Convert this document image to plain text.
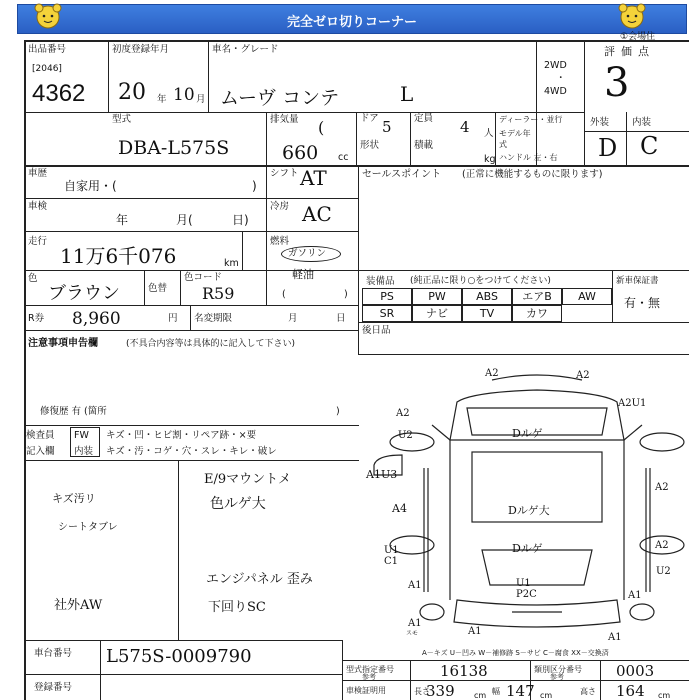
完全ゼロ切りコーナー
①会場住
出品番号
[2046]
4362
初度登録年月
20 年 10 月
車名・グレード
ムーヴ コンテ	L
2WD
・
4WD
評価点
3
型式
DBA-L575S
排気量 (
660 cc
ドア 5 定員 4 人
形状	積載
kg
ディーラー・並行
モデル年式
ハンドル 左・右
外装 内装
D C
車歴
自家用・(	)
シフト AT
車検
年	月(	日)
冷房 AC
走行
11万6千076	km
燃料
ガソリン
軽油
(	)
色
ブラウン	色替
色コード
R59
R券 8,960	円 名変期限	月	日
注意事項申告欄	(不具合内容等は具体的に記入して下さい)
修復歴 有 (箇所	)
セールスポイント (正常に機能するものに限ります)
装備品 (純正品に限り○をつけてください)	新車保証書
有・無
PS	PW	ABS	エアB	AW
SR	ナビ	TV	カワ
後日品
検査員 FW キズ・凹・ヒビ割・リペア跡・×要
記入欄 内装 キズ・汚・コゲ・穴・スレ・キレ・破レ
E/9マウントメ
色ルゲ大
キズ汚リ
シートタブレ
エンジパネル 歪み
下回りSC
社外AW
A2	A2
A2
U2
A2U1
A2
A2
A1
A1
U2
A1
A1
Dルゲ
Dルゲ大
Dルゲ
A1U3
A4
U1 C1
U1 P2C
A1
スモ
A－キズ U－凹み W－補修跡 S－サビ C－腐食 XX－交換済
車台番号 L575S-0009790
登録番号
型式指定番号
参考	16138	類別区分番号
参考	0003
車検証明用	長さ
339 cm 幅 147 cm	高さ 164 cm
